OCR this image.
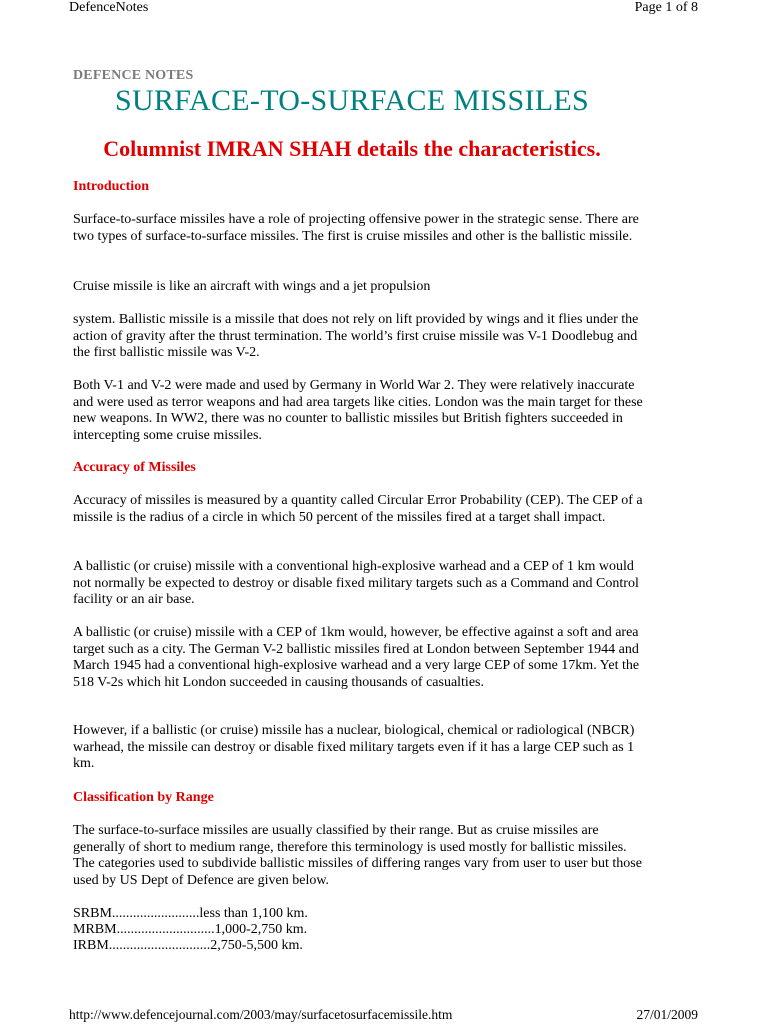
DefenceNotes	Page 1 of 8
DEFENCE NOTES
SURFACE-TO-SURFACE MISSILES
Columnist IMRAN SHAH details the characteristics.
Introduction
Surface-to-surface missiles have a role of projecting offensive power in the strategic sense. There are two types of surface-to-surface missiles. The first is cruise missiles and other is the ballistic missile.
Cruise missile is like an aircraft with wings and a jet propulsion
system. Ballistic missile is a missile that does not rely on lift provided by wings and it flies under the action of gravity after the thrust termination. The world’s first cruise missile was V-1 Doodlebug and the first ballistic missile was V-2.
Both V-1 and V-2 were made and used by Germany in World War 2. They were relatively inaccurate and were used as terror weapons and had area targets like cities. London was the main target for these new weapons. In WW2, there was no counter to ballistic missiles but British fighters succeeded in intercepting some cruise missiles.
Accuracy of Missiles
Accuracy of missiles is measured by a quantity called Circular Error Probability (CEP). The CEP of a missile is the radius of a circle in which 50 percent of the missiles fired at a target shall impact.
A ballistic (or cruise) missile with a conventional high-explosive warhead and a CEP of 1 km would not normally be expected to destroy or disable fixed military targets such as a Command and Control facility or an air base.
A ballistic (or cruise) missile with a CEP of 1km would, however, be effective against a soft and area target such as a city. The German V-2 ballistic missiles fired at London between September 1944 and March 1945 had a conventional high-explosive warhead and a very large CEP of some 17km. Yet the 518 V-2s which hit London succeeded in causing thousands of casualties.
However, if a ballistic (or cruise) missile has a nuclear, biological, chemical or radiological (NBCR) warhead, the missile can destroy or disable fixed military targets even if it has a large CEP such as 1 km.
Classification by Range
The surface-to-surface missiles are usually classified by their range. But as cruise missiles are generally of short to medium range, therefore this terminology is used mostly for ballistic missiles. The categories used to subdivide ballistic missiles of differing ranges vary from user to user but those used by US Dept of Defence are given below.
SRBM.........................less than 1,100 km.
MRBM............................1,000-2,750 km.
IRBM.............................2,750-5,500 km.
http://www.defencejournal.com/2003/may/surfacetosurfacemissile.htm	27/01/2009
